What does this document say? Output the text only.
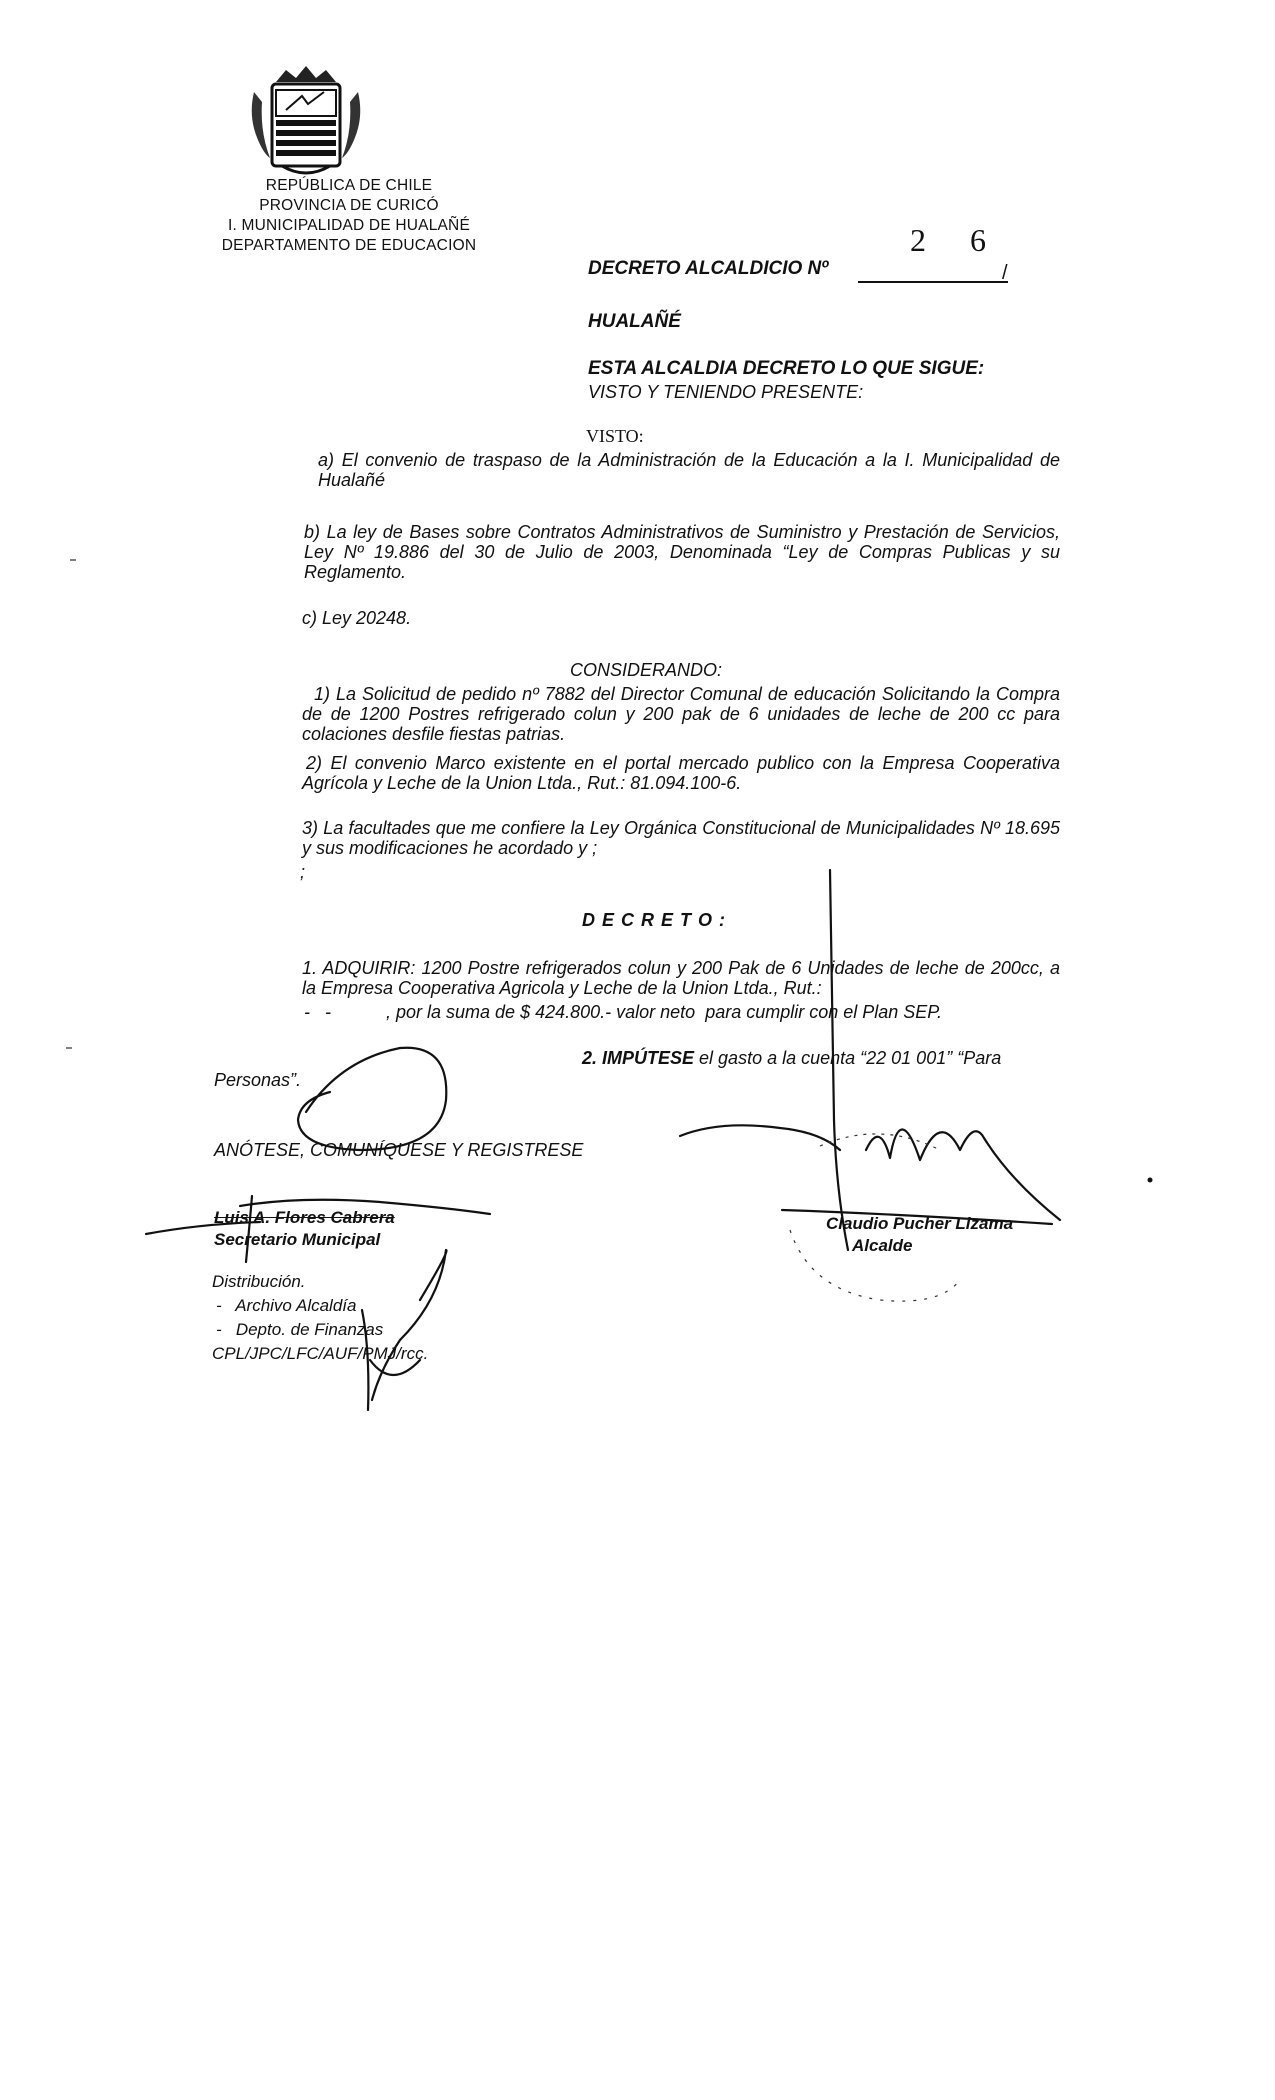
REPÚBLICA DE CHILE
PROVINCIA DE CURICÓ
I. MUNICIPALIDAD DE HUALAÑÉ
DEPARTAMENTO DE EDUCACION	2 6
DECRETO ALCALDICIO Nº	/
HUALAÑÉ
ESTA ALCALDIA DECRETO LO QUE SIGUE:
VISTO Y TENIENDO PRESENTE:
VISTO:
a) El convenio de traspaso de la Administración de la Educación a la I. Municipalidad de Hualañé
b) La ley de Bases sobre Contratos Administrativos de Suministro y Prestación de Servicios, Ley Nº 19.886 del 30 de Julio de 2003, Denominada “Ley de Compras Publicas y su Reglamento.
c) Ley 20248.
CONSIDERANDO:
1) La Solicitud de pedido nº 7882 del Director Comunal de educación Solicitando la Compra de de 1200 Postres refrigerado colun y 200 pak de 6 unidades de leche de 200 cc para colaciones desfile fiestas patrias.
2) El convenio Marco existente en el portal mercado publico con la Empresa Cooperativa Agrícola y Leche de la Union Ltda., Rut.: 81.094.100-6.
3) La facultades que me confiere la Ley Orgánica Constitucional de Municipalidades Nº 18.695 y sus modificaciones he acordado y ;
;
D E C R E T O :
1. ADQUIRIR: 1200 Postre refrigerados colun y 200 Pak de 6 Unidades de leche de 200cc, a la Empresa Cooperativa Agricola y Leche de la Union Ltda., Rut.:
-   -           , por la suma de $ 424.800.- valor neto  para cumplir con el Plan SEP.
2. IMPÚTESE el gasto a la cuenta “22 01 001” “Para
Personas”.
ANÓTESE, COMUNÍQUESE Y REGISTRESE
Luis A. Flores Cabrera
Secretario Municipal
Claudio Pucher Lizama
Alcalde
Distribución.
-   Archivo Alcaldía
-   Depto. de Finanzas
CPL/JPC/LFC/AUF/PMJ/rcc.
